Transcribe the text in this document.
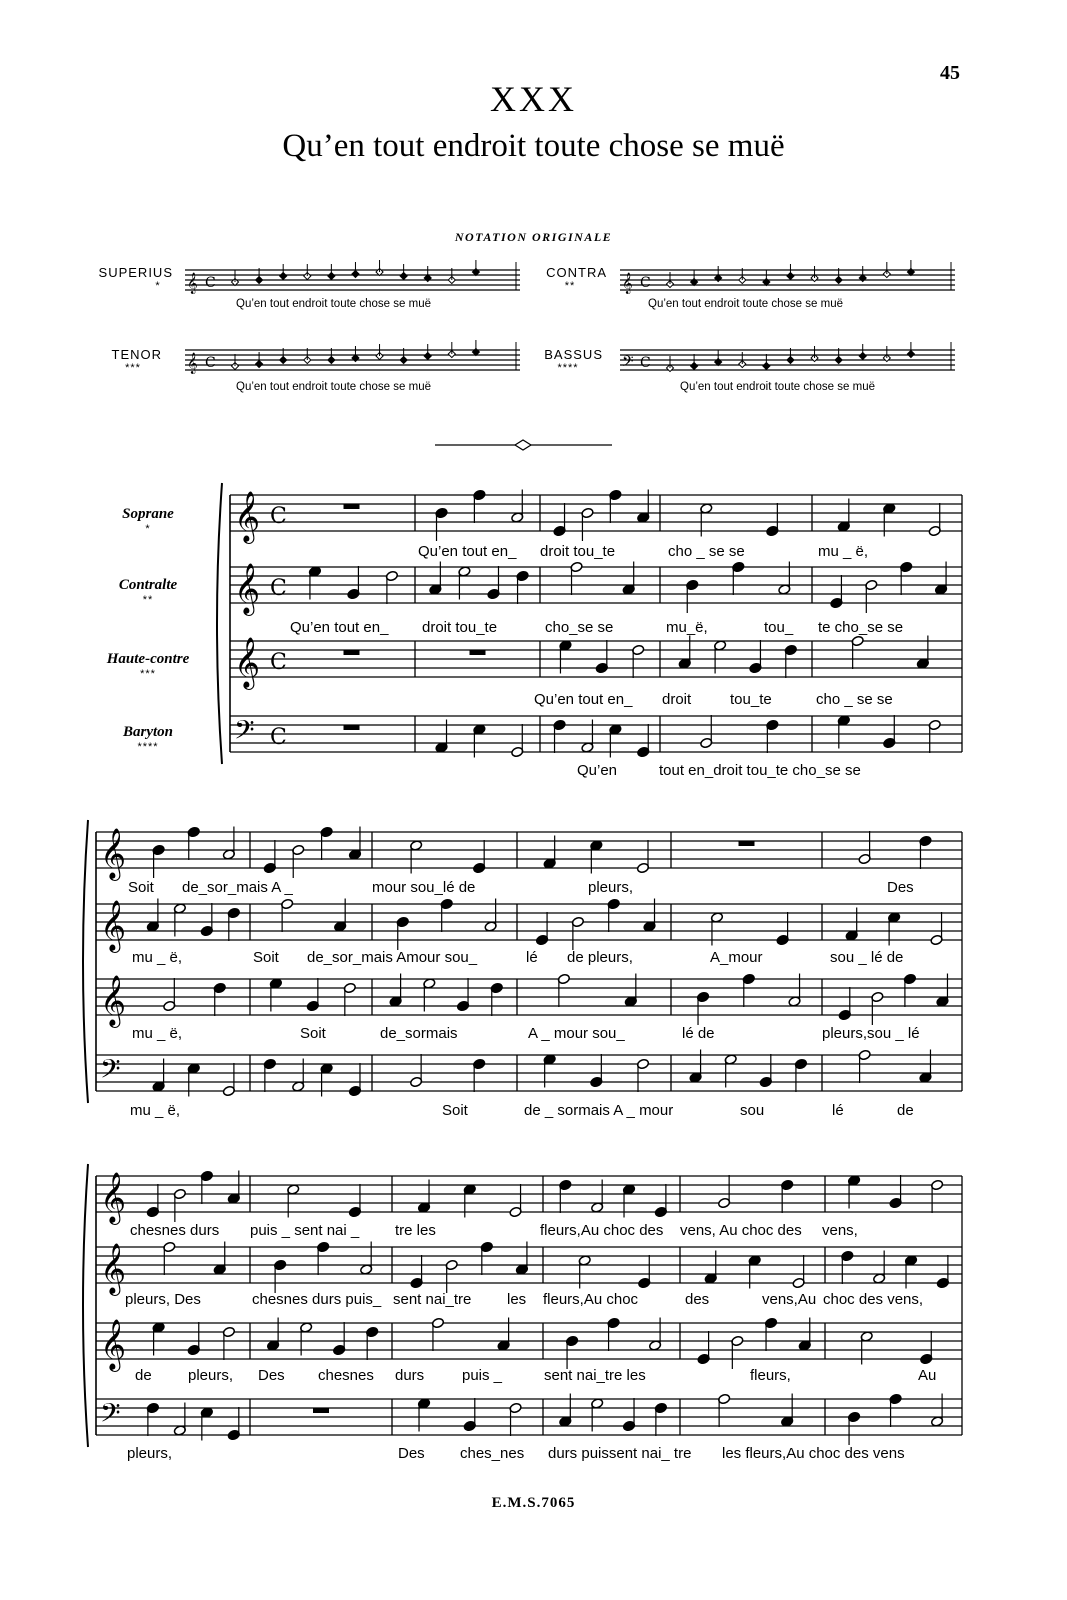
45
XXX
Qu’en tout endroit toute chose se muë
NOTATION ORIGINALE
SUPERIUS
*
CONTRA
**
TENOR
***
BASSUS
****
Qu’en tout endroit toute chose se muë	Qu’en tout endroit toute chose se muë
Qu’en tout endroit toute chose se muë	Qu’en tout endroit toute chose se muë
Soprane
*
Contralte
**
Haute-contre
***
Baryton
****
Qu’en tout en_ droit tou_te	cho _ se se	mu _ ë,
Qu’en tout en_ droit tou_te	cho_se se	mu_ë,	tou_ te cho_se se
Qu’en tout en_ droit	tou_te	cho _ se se
Qu’en	tout en_droit tou_te cho_se se
Soit de_sor_mais A _	mour sou_lé de	pleurs,	Des
mu _ ë,	Soit de_sor_mais Amour sou_	lé de pleurs,	A_mour	sou _ lé de
mu _ ë,	Soit	de_sormais	A _ mour sou_	lé de	pleurs,sou _ lé
mu _ ë,	Soit	de _ sormais A _ mour	sou	lé	de
chesnes durs puis _ sent nai _ tre les	fleurs,Au choc des vens, Au choc des vens,
pleurs, Des	chesnes durs puis_ sent nai_tre les fleurs,Au choc	des	vens,Au choc des vens,
de pleurs, Des chesnes durs	puis _	sent nai_tre les	fleurs,	Au
pleurs,	Des ches_nes durs puissent nai_ tre les fleurs,Au choc des vens
E.M.S.7065
𝄞 C	𝄞 C
𝄞 C	𝄢 C
𝄞 C
𝄞 C
𝄞 C
𝄢 C
𝄞
𝄞
𝄞
𝄢
𝄞
𝄞
𝄞
𝄢
